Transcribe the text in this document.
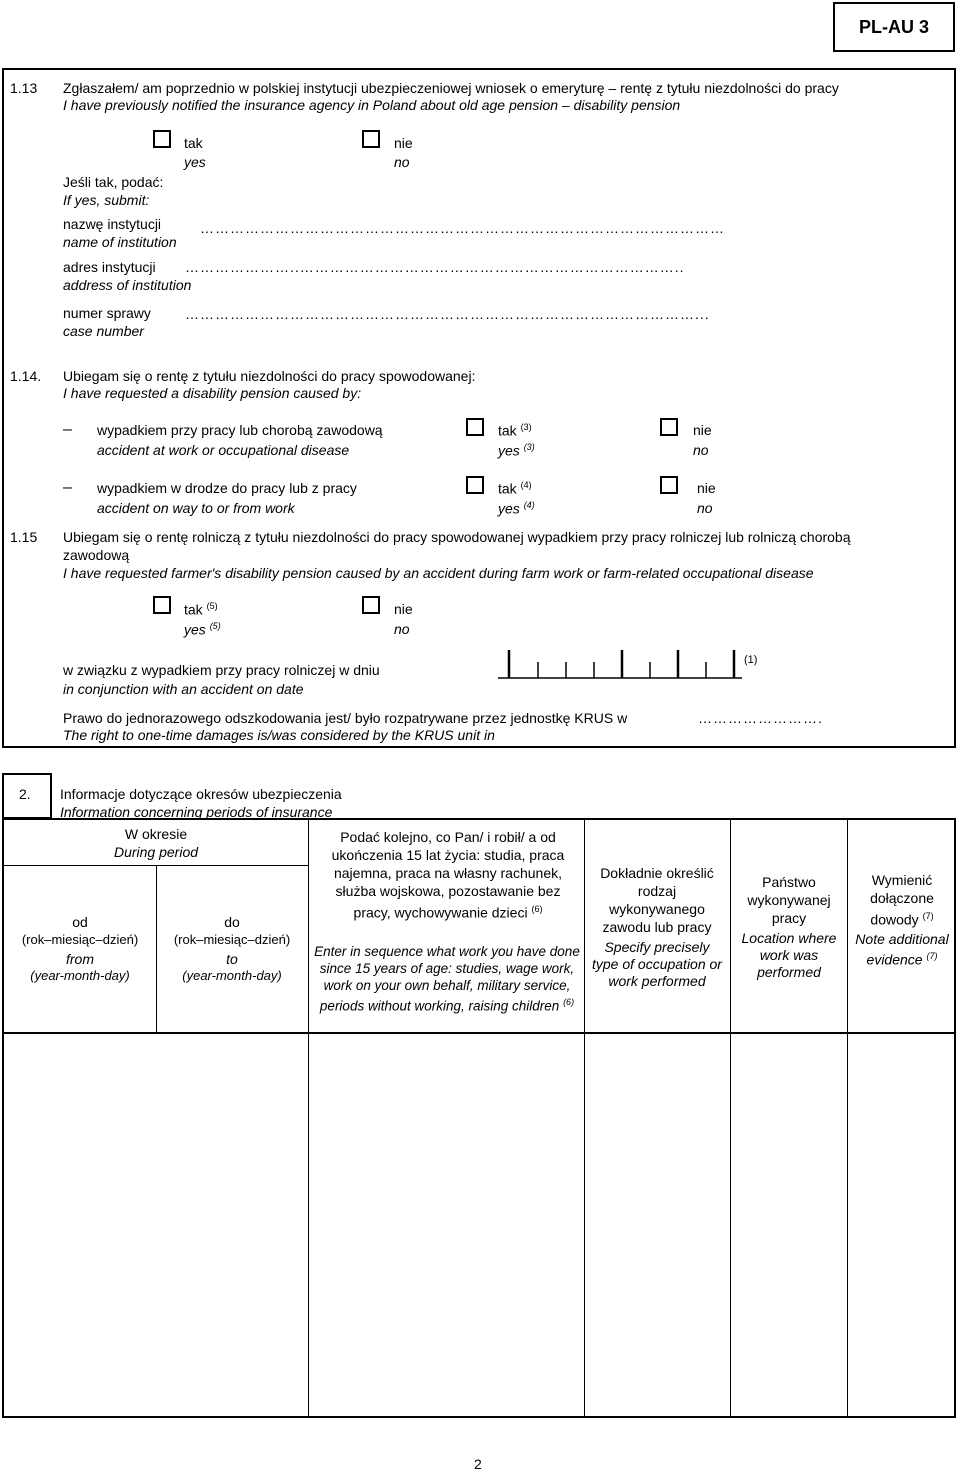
PL-AU 3
1.13 Zgłaszałem/ am poprzednio w polskiej instytucji ubezpieczeniowej wniosek o emeryturę – rentę z tytułu niezdolności do pracy
I have previously notified the insurance agency in Poland about old age pension – disability pension
tak
yes
nie
no
Jeśli tak, podać:
If yes, submit:
nazwę instytucji
name of institution
……………………………………………………………………………………………
adres instytucji
address of institution
…………………..…………………………………………………………………..
numer sprawy
case number
…………………………………………………………………………………………...
1.14. Ubiegam się o rentę z tytułu niezdolności do pracy spowodowanej:
I have requested a disability pension caused by:
– wypadkiem przy pracy lub chorobą zawodową
accident at work or occupational disease
tak $^{(3)}$
yes $^{(3)}$
nie
no
– wypadkiem w drodze do pracy lub z pracy
accident on way to or from work
tak $^{(4)}$
yes $^{(4)}$
nie
no
1.15 Ubiegam się o rentę rolniczą z tytułu niezdolności do pracy spowodowanej wypadkiem przy pracy rolniczej lub rolniczą chorobą
zawodową
I have requested farmer's disability pension caused by an accident during farm work or farm-related occupational disease
tak $^{(5)}$
yes $^{(5)}$
nie
no
w związku z wypadkiem przy pracy rolniczej w dniu
in conjunction with an accident on date
(1)
Prawo do jednorazowego odszkodowania jest/ było rozpatrywane przez jednostkę KRUS w	…………………….
The right to one-time damages is/was considered by the KRUS unit in
2. Informacje dotyczące okresów ubezpieczenia
Information concerning periods of insurance
W okresie
During period
od
(rok–miesiąc–dzień)
from
(year-month-day)
do
(rok–miesiąc–dzień)
to
(year-month-day)
Podać kolejno, co Pan/ i robił/ a od ukończenia 15 lat życia: studia, praca najemna, praca na własny rachunek, służba wojskowa, pozostawanie bez pracy, wychowywanie dzieci $^{(6)}$
Enter in sequence what work you have done since 15 years of age: studies, wage work, work on your own behalf, military service, periods without working, raising children $^{(6)}$
Dokładnie określić rodzaj wykonywanego zawodu lub pracy
Specify precisely type of occupation or work performed
Państwo wykonywanej pracy
Location where work was performed
Wymienić dołączone dowody $^{(7)}$
Note additional evidence $^{(7)}$
2
